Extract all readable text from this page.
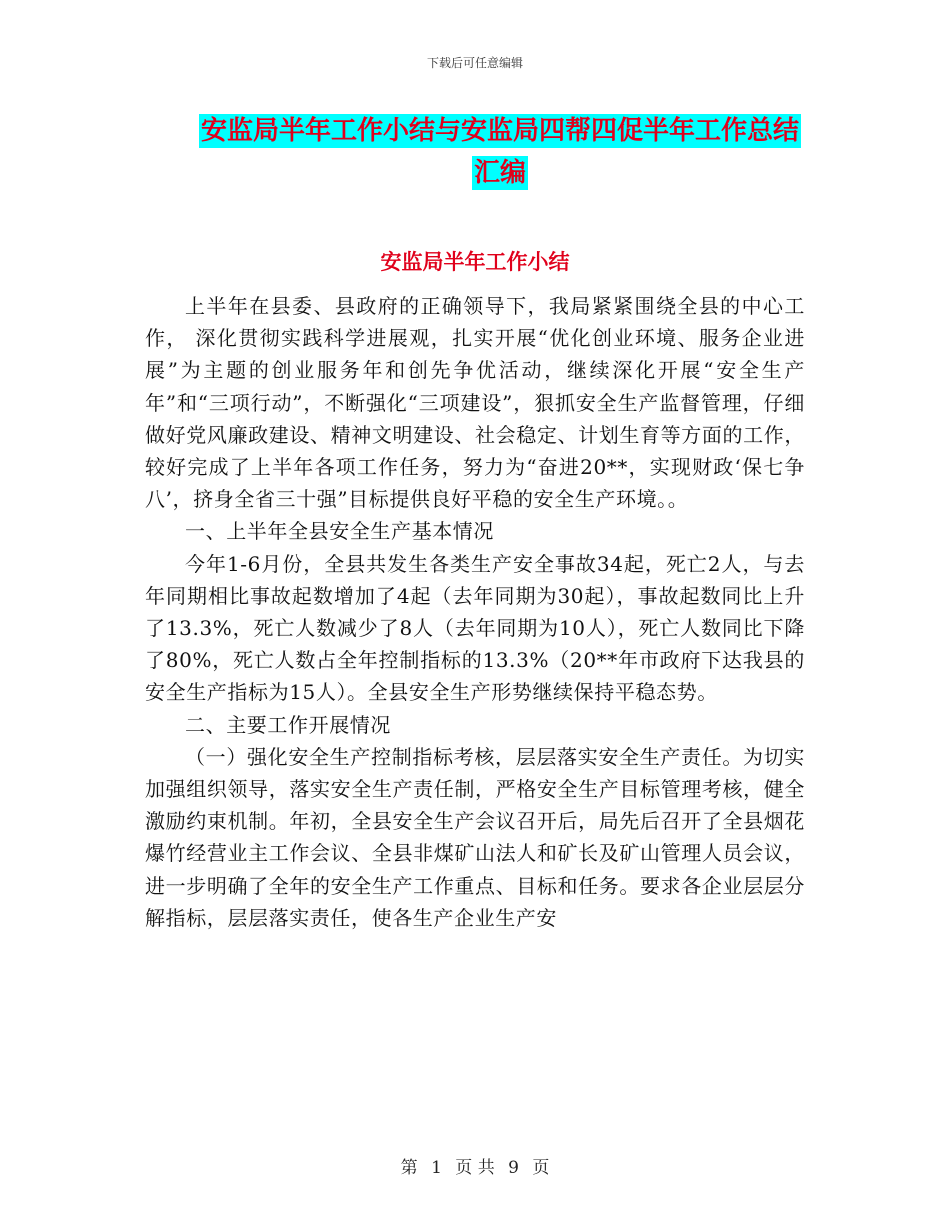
下载后可任意编辑
安监局半年工作小结与安监局四帮四促半年工作总结
汇编
安监局半年工作小结

上半年在县委、县政府的正确领导下，我局紧紧围绕全县的中心工作， 深化贯彻实践科学进展观，扎实开展“优化创业环境、服务企业进展”为主题的创业服务年和创先争优活动，继续深化开展“安全生产年”和“三项行动”，不断强化“三项建设”，狠抓安全生产监督管理，仔细做好党风廉政建设、精神文明建设、社会稳定、计划生育等方面的工作，较好完成了上半年各项工作任务，努力为“奋进20**，实现财政‘保七争八’，挤身全省三十强”目标提供良好平稳的安全生产环境。。

一、上半年全县安全生产基本情况

今年1-6月份，全县共发生各类生产安全事故34起，死亡2人，与去年同期相比事故起数增加了4起（去年同期为30起），事故起数同比上升了13.3%，死亡人数减少了8人（去年同期为10人），死亡人数同比下降了80%，死亡人数占全年控制指标的13.3%（20**年市政府下达我县的安全生产指标为15人）。全县安全生产形势继续保持平稳态势。

二、主要工作开展情况

（一）强化安全生产控制指标考核，层层落实安全生产责任。为切实加强组织领导，落实安全生产责任制，严格安全生产目标管理考核，健全激励约束机制。年初，全县安全生产会议召开后，局先后召开了全县烟花爆竹经营业主工作会议、全县非煤矿山法人和矿长及矿山管理人员会议，进一步明确了全年的安全生产工作重点、目标和任务。要求各企业层层分解指标，层层落实责任，使各生产企业生产安

第 1 页 共 9 页
